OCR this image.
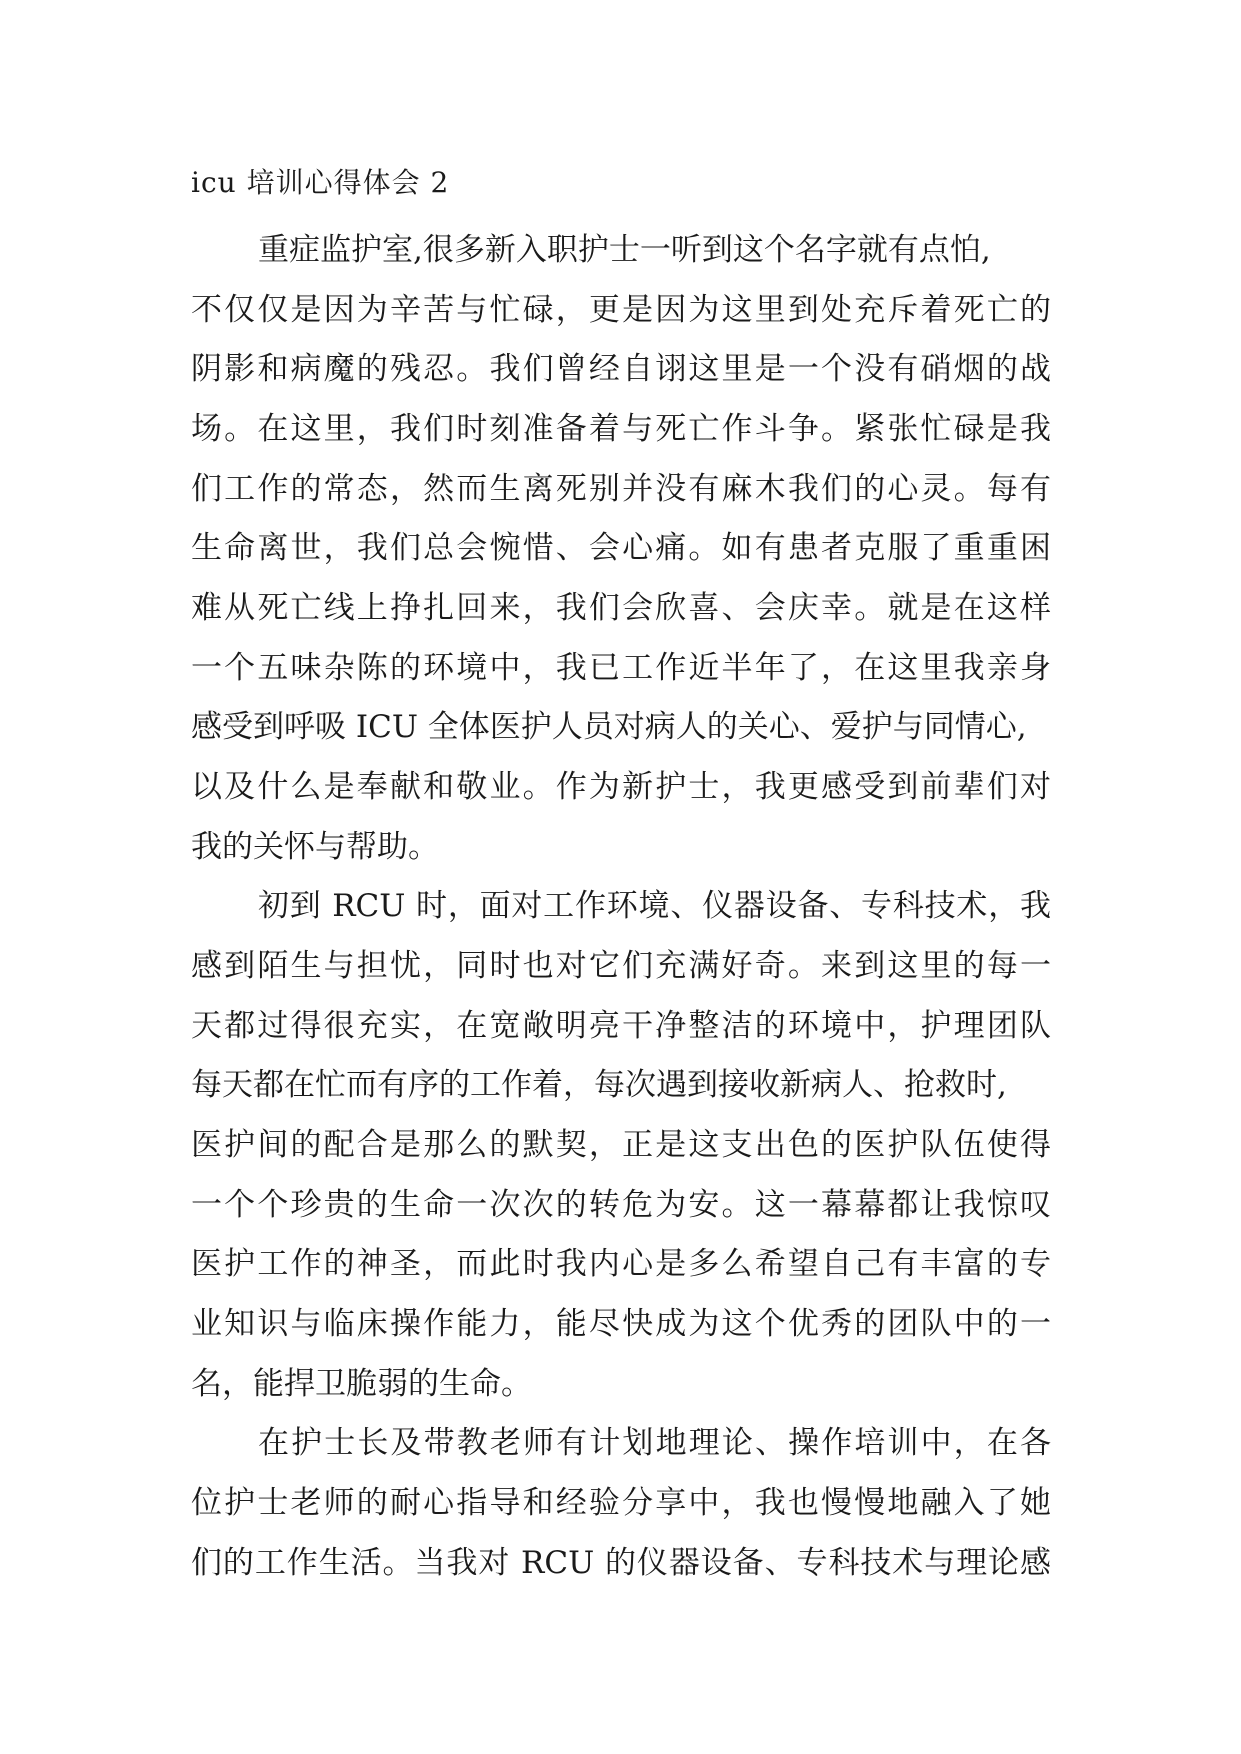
icu 培训心得体会 2
重症监护室,很多新入职护士一听到这个名字就有点怕,
不仅仅是因为辛苦与忙碌，更是因为这里到处充斥着死亡的
阴影和病魔的残忍。我们曾经自诩这里是一个没有硝烟的战
场。在这里，我们时刻准备着与死亡作斗争。紧张忙碌是我
们工作的常态，然而生离死别并没有麻木我们的心灵。每有
生命离世，我们总会惋惜、会心痛。如有患者克服了重重困
难从死亡线上挣扎回来，我们会欣喜、会庆幸。就是在这样
一个五味杂陈的环境中，我已工作近半年了，在这里我亲身
感受到呼吸 ICU 全体医护人员对病人的关心、爱护与同情心,
以及什么是奉献和敬业。作为新护士，我更感受到前辈们对
我的关怀与帮助。
初到 RCU 时，面对工作环境、仪器设备、专科技术，我
感到陌生与担忧，同时也对它们充满好奇。来到这里的每一
天都过得很充实，在宽敞明亮干净整洁的环境中，护理团队
每天都在忙而有序的工作着，每次遇到接收新病人、抢救时,
医护间的配合是那么的默契，正是这支出色的医护队伍使得
一个个珍贵的生命一次次的转危为安。这一幕幕都让我惊叹
医护工作的神圣，而此时我内心是多么希望自己有丰富的专
业知识与临床操作能力，能尽快成为这个优秀的团队中的一
名，能捍卫脆弱的生命。
在护士长及带教老师有计划地理论、操作培训中，在各
位护士老师的耐心指导和经验分享中，我也慢慢地融入了她
们的工作生活。当我对 RCU 的仪器设备、专科技术与理论感
